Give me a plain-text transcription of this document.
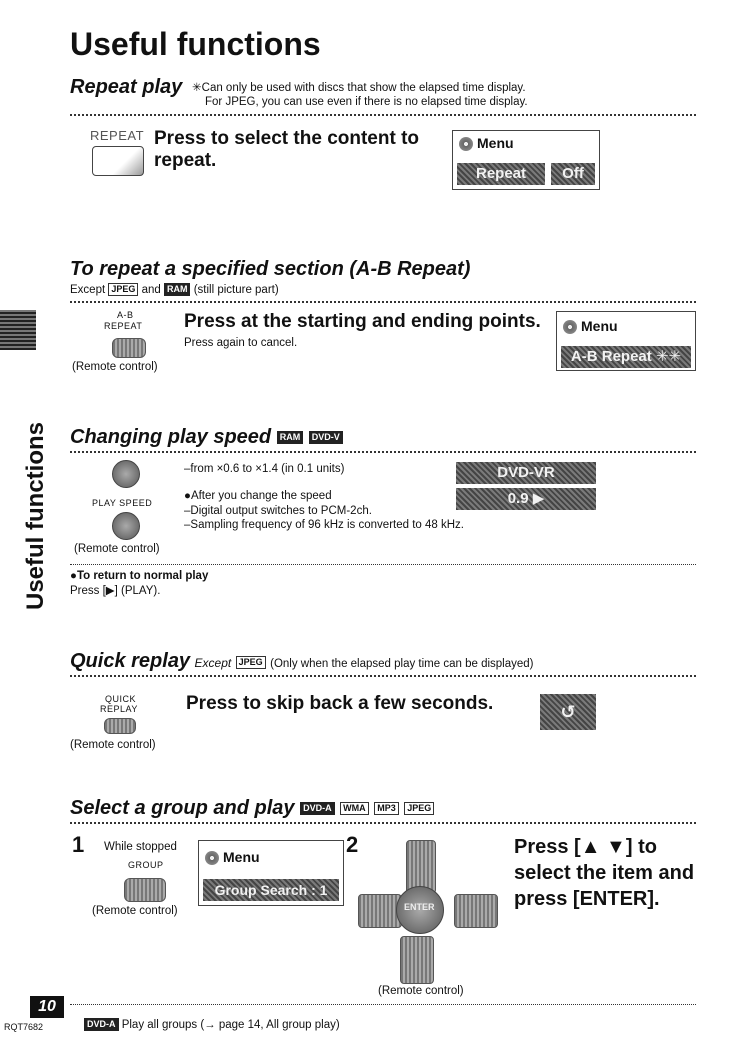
Useful functions
Useful functions
Repeat play ✳Can only be used with discs that show the elapsed time display.
For JPEG, you can use even if there is no elapsed time display.
REPEAT Press to select the content to repeat.
Menu
Repeat	Off
To repeat a specified section (A-B Repeat)
Except JPEG and RAM (still picture part)
A-B
REPEAT
(Remote control)
Press at the starting and ending points.
Press again to cancel.
Menu
A-B Repeat ✳✳
Changing play speed RAM DVD-V
PLAY SPEED
(Remote control)
–from ×0.6 to ×1.4 (in 0.1 units)
●After you change the speed
–Digital output switches to PCM-2ch.
–Sampling frequency of 96 kHz is converted to 48 kHz.
DVD-VR
0.9 ▶
●To return to normal play
Press [▶] (PLAY).
Quick replay Except JPEG (Only when the elapsed play time can be displayed)
QUICK
REPLAY
(Remote control)
Press to skip back a few seconds.	↺
Select a group and play DVD-A WMA MP3 JPEG
1 While stopped
GROUP
(Remote control)
Menu
Group Search : 1
2
ENTER
(Remote control)
Press [▲ ▼] to select the item and press [ENTER].
10
RQT7682	DVD-A Play all groups (→ page 14, All group play)
